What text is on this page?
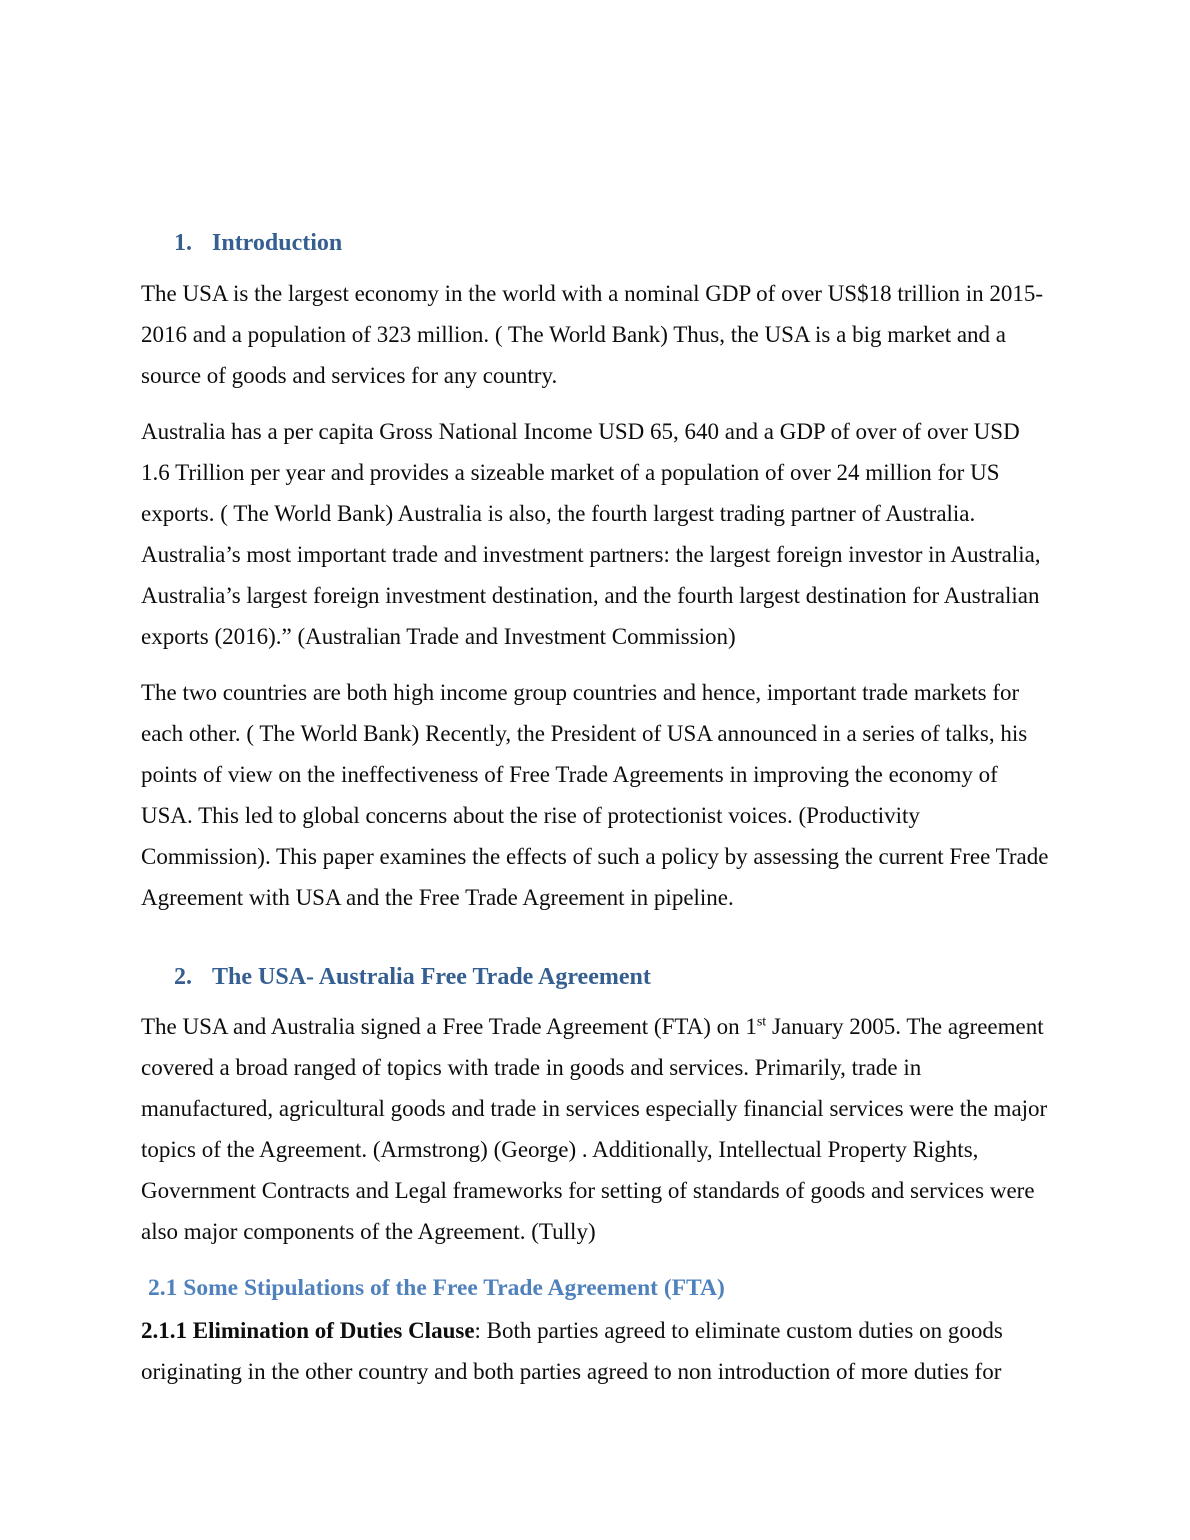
1. Introduction

The USA is the largest economy in the world with a nominal GDP of over US$18 trillion in 2015-2016 and a population of 323 million. ( The World Bank) Thus, the USA is a big market and a source of goods and services for any country.

Australia has a per capita Gross National Income USD 65, 640 and a GDP of over of over USD 1.6 Trillion per year and provides a sizeable market of a population of over 24 million for US exports. ( The World Bank) Australia is also, the fourth largest trading partner of Australia. Australia’s most important trade and investment partners: the largest foreign investor in Australia, Australia’s largest foreign investment destination, and the fourth largest destination for Australian exports (2016).” (Australian Trade and Investment Commission)

The two countries are both high income group countries and hence, important trade markets for each other. ( The World Bank) Recently, the President of USA announced in a series of talks, his points of view on the ineffectiveness of Free Trade Agreements in improving the economy of USA. This led to global concerns about the rise of protectionist voices. (Productivity Commission). This paper examines the effects of such a policy by assessing the current Free Trade Agreement with USA and the Free Trade Agreement in pipeline.

2. The USA- Australia Free Trade Agreement

The USA and Australia signed a Free Trade Agreement (FTA) on 1st January 2005. The agreement covered a broad ranged of topics with trade in goods and services. Primarily, trade in manufactured, agricultural goods and trade in services especially financial services were the major topics of the Agreement. (Armstrong) (George) . Additionally, Intellectual Property Rights, Government Contracts and Legal frameworks for setting of standards of goods and services were also major components of the Agreement. (Tully)

2.1 Some Stipulations of the Free Trade Agreement (FTA)

2.1.1 Elimination of Duties Clause: Both parties agreed to eliminate custom duties on goods originating in the other country and both parties agreed to non introduction of more duties for
